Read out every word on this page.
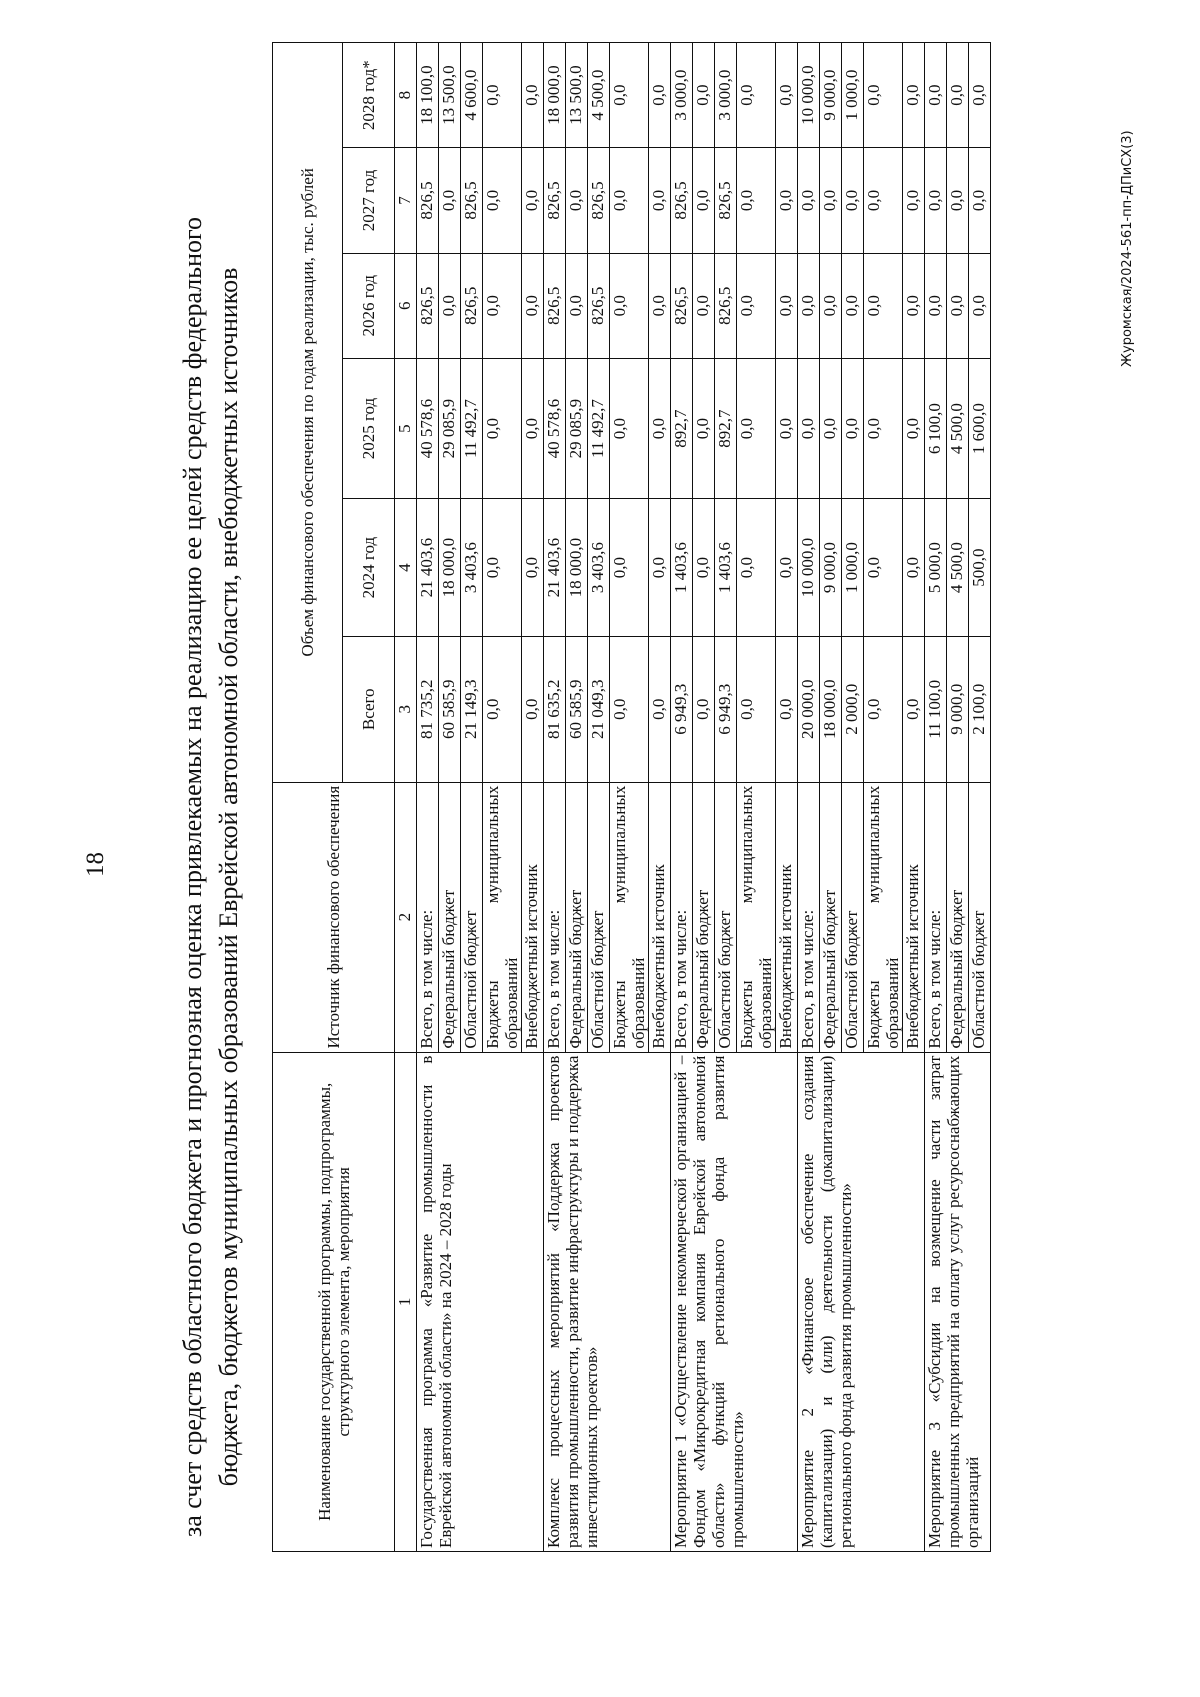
18	за счет средств областного бюджета и прогнозная оценка привлекаемых на реализацию ее целей средств федерального бюджета, бюджетов муниципальных образований Еврейской автономной области, внебюджетных источников	Наименование государственной программы, подпрограммы, структурного элемента, мероприятия	Источник финансового обеспечения	Объем финансового обеспечения по годам реализации, тыс. рублей					
		Всего	2024 год	2025 год	2026 год	2027 год	2028 год*
1	2	3	4	5	6	7	8
Государственная программа «Развитие промышленности в Еврейской автономной области» на 2024 – 2028 годы	Всего, в том числе:	81 735,2	21 403,6	40 578,6	826,5	826,5	18 100,0
	Федеральный бюджет	60 585,9	18 000,0	29 085,9	0,0	0,0	13 500,0
	Областной бюджет	21 149,3	3 403,6	11 492,7	826,5	826,5	4 600,0
	Бюджеты муниципальных образований	0,0	0,0	0,0	0,0	0,0	0,0
	Внебюджетный источник	0,0	0,0	0,0	0,0	0,0	0,0
Комплекс процессных мероприятий «Поддержка проектов развития промышленности, развитие инфраструктуры и поддержка инвестиционных проектов»	Всего, в том числе:	81 635,2	21 403,6	40 578,6	826,5	826,5	18 000,0
	Федеральный бюджет	60 585,9	18 000,0	29 085,9	0,0	0,0	13 500,0
	Областной бюджет	21 049,3	3 403,6	11 492,7	826,5	826,5	4 500,0
	Бюджеты муниципальных образований	0,0	0,0	0,0	0,0	0,0	0,0
	Внебюджетный источник	0,0	0,0	0,0	0,0	0,0	0,0
Мероприятие 1 «Осуществление некоммерческой организацией – Фондом «Микрокредитная компания Еврейской автономной области» функций регионального фонда развития промышленности»	Всего, в том числе:	6 949,3	1 403,6	892,7	826,5	826,5	3 000,0
	Федеральный бюджет	0,0	0,0	0,0	0,0	0,0	0,0
	Областной бюджет	6 949,3	1 403,6	892,7	826,5	826,5	3 000,0
	Бюджеты муниципальных образований	0,0	0,0	0,0	0,0	0,0	0,0
	Внебюджетный источник	0,0	0,0	0,0	0,0	0,0	0,0
Мероприятие 2 «Финансовое обеспечение создания (капитализации) и (или) деятельности (докапитализации) регионального фонда развития промышленности»	Всего, в том числе:	20 000,0	10 000,0	0,0	0,0	0,0	10 000,0
	Федеральный бюджет	18 000,0	9 000,0	0,0	0,0	0,0	9 000,0
	Областной бюджет	2 000,0	1 000,0	0,0	0,0	0,0	1 000,0
	Бюджеты муниципальных образований	0,0	0,0	0,0	0,0	0,0	0,0
	Внебюджетный источник	0,0	0,0	0,0	0,0	0,0	0,0
Мероприятие 3 «Субсидии на возмещение части затрат промышленных предприятий на оплату услуг ресурсоснабжающих организаций	Всего, в том числе:	11 100,0	5 000,0	6 100,0	0,0	0,0	0,0
	Федеральный бюджет	9 000,0	4 500,0	4 500,0	0,0	0,0	0,0
	Областной бюджет	2 100,0	500,0	1 600,0	0,0	0,0	0,0
Журомская/2024-561-пп-ДПиСХ(3)
